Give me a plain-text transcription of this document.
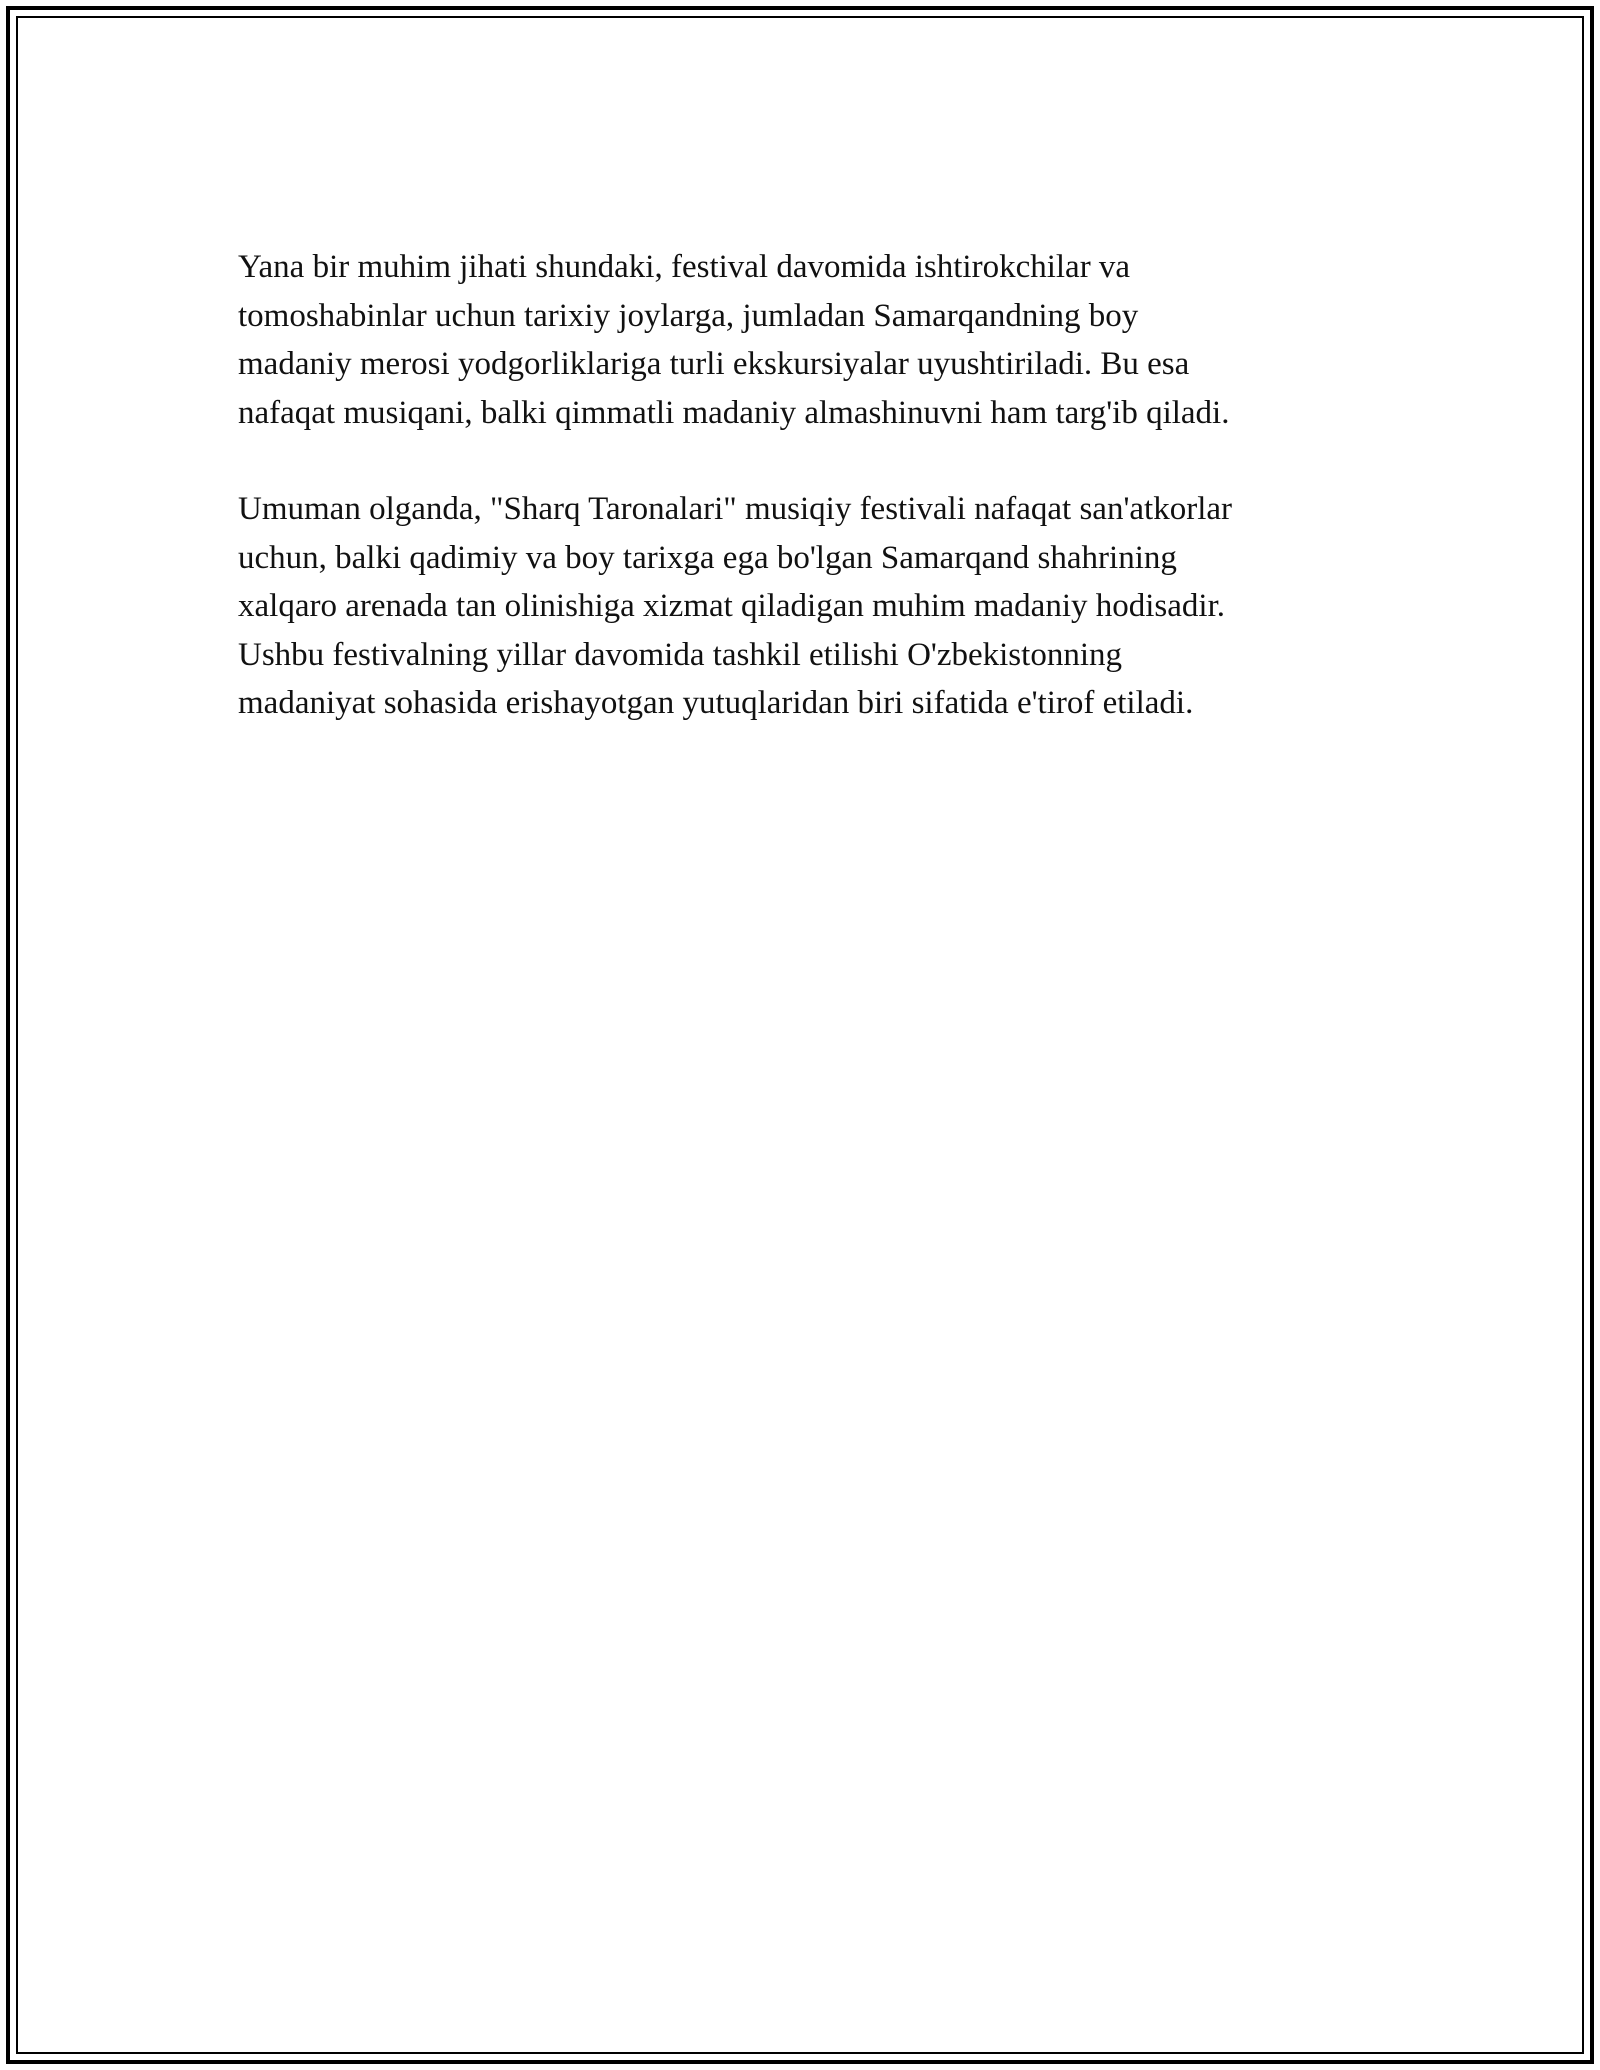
Yana bir muhim jihati shundaki, festival davomida ishtirokchilar va
tomoshabinlar uchun tarixiy joylarga, jumladan Samarqandning boy
madaniy merosi yodgorliklariga turli ekskursiyalar uyushtiriladi. Bu esa
nafaqat musiqani, balki qimmatli madaniy almashinuvni ham targ'ib qiladi.

Umuman olganda, "Sharq Taronalari" musiqiy festivali nafaqat san'atkorlar
uchun, balki qadimiy va boy tarixga ega bo'lgan Samarqand shahrining
xalqaro arenada tan olinishiga xizmat qiladigan muhim madaniy hodisadir.
Ushbu festivalning yillar davomida tashkil etilishi O'zbekistonning
madaniyat sohasida erishayotgan yutuqlaridan biri sifatida e'tirof etiladi.
